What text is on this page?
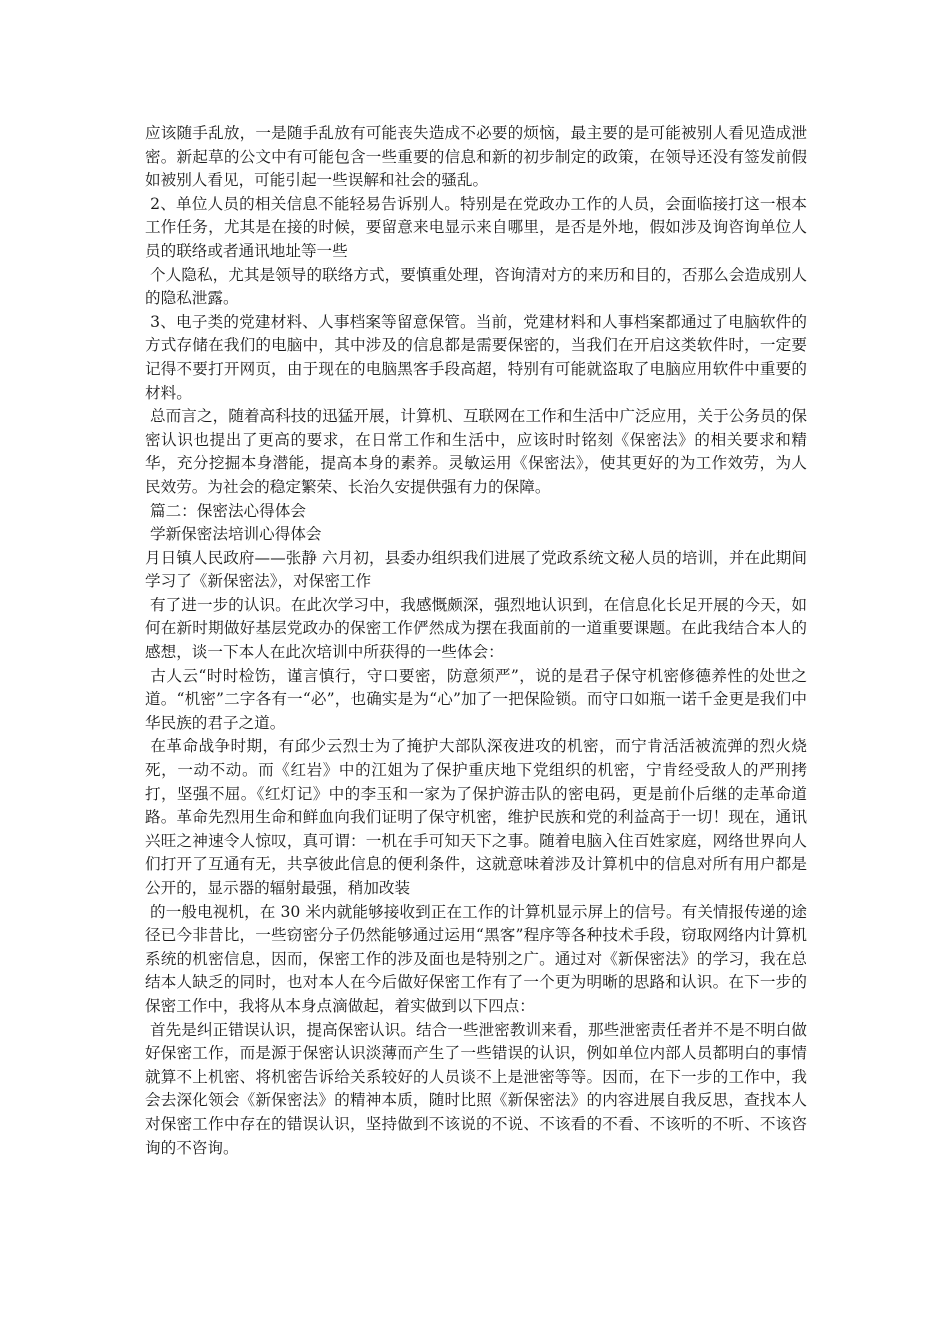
应该随手乱放，一是随手乱放有可能丧失造成不必要的烦恼，最主要的是可能被别人看见造成泄密。新起草的公文中有可能包含一些重要的信息和新的初步制定的政策，在领导还没有签发前假如被别人看见，可能引起一些误解和社会的骚乱。

2、单位人员的相关信息不能轻易告诉别人。特别是在党政办工作的人员，会面临接打这一根本工作任务，尤其是在接的时候，要留意来电显示来自哪里，是否是外地，假如涉及询咨询单位人员的联络或者通讯地址等一些

个人隐私，尤其是领导的联络方式，要慎重处理，咨询清对方的来历和目的，否那么会造成别人的隐私泄露。

3、电子类的党建材料、人事档案等留意保管。当前，党建材料和人事档案都通过了电脑软件的方式存储在我们的电脑中，其中涉及的信息都是需要保密的，当我们在开启这类软件时，一定要记得不要打开网页，由于现在的电脑黑客手段高超，特别有可能就盗取了电脑应用软件中重要的材料。

总而言之，随着高科技的迅猛开展，计算机、互联网在工作和生活中广泛应用，关于公务员的保密认识也提出了更高的要求，在日常工作和生活中，应该时时铭刻《保密法》的相关要求和精华，充分挖掘本身潜能，提高本身的素养。灵敏运用《保密法》，使其更好的为工作效劳，为人民效劳。为社会的稳定繁荣、长治久安提供强有力的保障。

篇二：保密法心得体会

学新保密法培训心得体会

月日镇人民政府——张静 六月初，县委办组织我们进展了党政系统文秘人员的培训，并在此期间学习了《新保密法》，对保密工作

有了进一步的认识。在此次学习中，我感慨颇深，强烈地认识到，在信息化长足开展的今天，如何在新时期做好基层党政办的保密工作俨然成为摆在我面前的一道重要课题。在此我结合本人的感想，谈一下本人在此次培训中所获得的一些体会：

古人云“时时检饬，谨言慎行，守口要密，防意须严”，说的是君子保守机密修德养性的处世之道。“机密”二字各有一“必”，也确实是为“心”加了一把保险锁。而守口如瓶一诺千金更是我们中华民族的君子之道。

在革命战争时期，有邱少云烈士为了掩护大部队深夜进攻的机密，而宁肯活活被流弹的烈火烧死，一动不动。而《红岩》中的江姐为了保护重庆地下党组织的机密，宁肯经受敌人的严刑拷打，坚强不屈。《红灯记》中的李玉和一家为了保护游击队的密电码，更是前仆后继的走革命道路。革命先烈用生命和鲜血向我们证明了保守机密，维护民族和党的利益高于一切！现在，通讯兴旺之神速令人惊叹，真可谓：一机在手可知天下之事。随着电脑入住百姓家庭，网络世界向人们打开了互通有无，共享彼此信息的便利条件，这就意味着涉及计算机中的信息对所有用户都是公开的，显示器的辐射最强，稍加改装

的一般电视机，在 30 米内就能够接收到正在工作的计算机显示屏上的信号。有关情报传递的途径已今非昔比，一些窃密分子仍然能够通过运用“黑客”程序等各种技术手段，窃取网络内计算机系统的机密信息，因而，保密工作的涉及面也是特别之广。通过对《新保密法》的学习，我在总结本人缺乏的同时，也对本人在今后做好保密工作有了一个更为明晰的思路和认识。在下一步的保密工作中，我将从本身点滴做起，着实做到以下四点：

首先是纠正错误认识，提高保密认识。结合一些泄密教训来看，那些泄密责任者并不是不明白做好保密工作，而是源于保密认识淡薄而产生了一些错误的认识，例如单位内部人员都明白的事情就算不上机密、将机密告诉给关系较好的人员谈不上是泄密等等。因而，在下一步的工作中，我会去深化领会《新保密法》的精神本质，随时比照《新保密法》的内容进展自我反思，查找本人对保密工作中存在的错误认识，坚持做到不该说的不说、不该看的不看、不该听的不听、不该咨询的不咨询。
